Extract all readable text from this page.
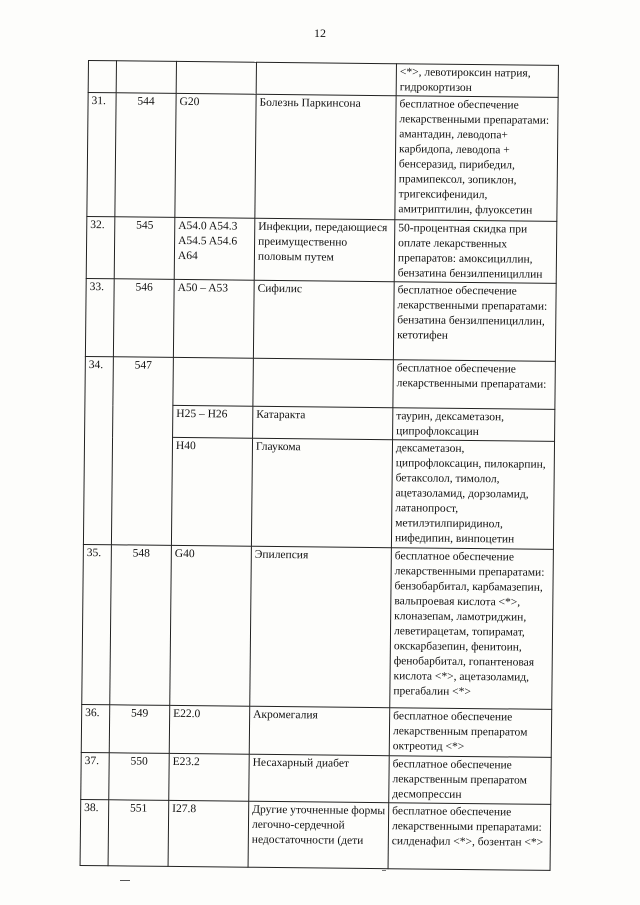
12
				<*>, левотироксин натрия, гидрокортизон
31.	544	G20	Болезнь Паркинсона	бесплатное обеспечение лекарственными препаратами: амантадин, леводопа+ карбидопа, леводопа + бенсеразид, пирибедил, прамипексол, зопиклон, тригексифенидил, амитриптилин, флуоксетин
32.	545	A54.0 A54.3 A54.5 A54.6 A64	Инфекции, передающиеся преимущественно половым путем	50-процентная скидка при оплате лекарственных препаратов: амоксициллин, бензатина бензилпенициллин
33.	546	A50 – A53	Сифилис	бесплатное обеспечение лекарственными препаратами: бензатина бензилпенициллин, кетотифен
34.	547			бесплатное обеспечение лекарственными препаратами:
		H25 – H26	Катаракта	таурин, дексаметазон, ципрофлоксацин
		H40	Глаукома	дексаметазон, ципрофлоксацин, пилокарпин, бетаксолол, тимолол, ацетазоламид, дорзоламид, латанопрост, метилэтилпиридинол, нифедипин, винпоцетин
35.	548	G40	Эпилепсия	бесплатное обеспечение лекарственными препаратами: бензобарбитал, карбамазепин, вальпроевая кислота <*>, клоназепам, ламотриджин, леветирацетам, топирамат, окскарбазепин, фенитоин, фенобарбитал, гопантеновая кислота <*>, ацетазоламид, прегабалин <*>
36.	549	E22.0	Акромегалия	бесплатное обеспечение лекарственным препаратом октреотид <*>
37.	550	E23.2	Несахарный диабет	бесплатное обеспечение лекарственным препаратом десмопрессин
38.	551	I27.8	Другие уточненные формы легочно-сердечной недостаточности (дети	бесплатное обеспечение лекарственными препаратами: силденафил <*>, бозентан <*>
